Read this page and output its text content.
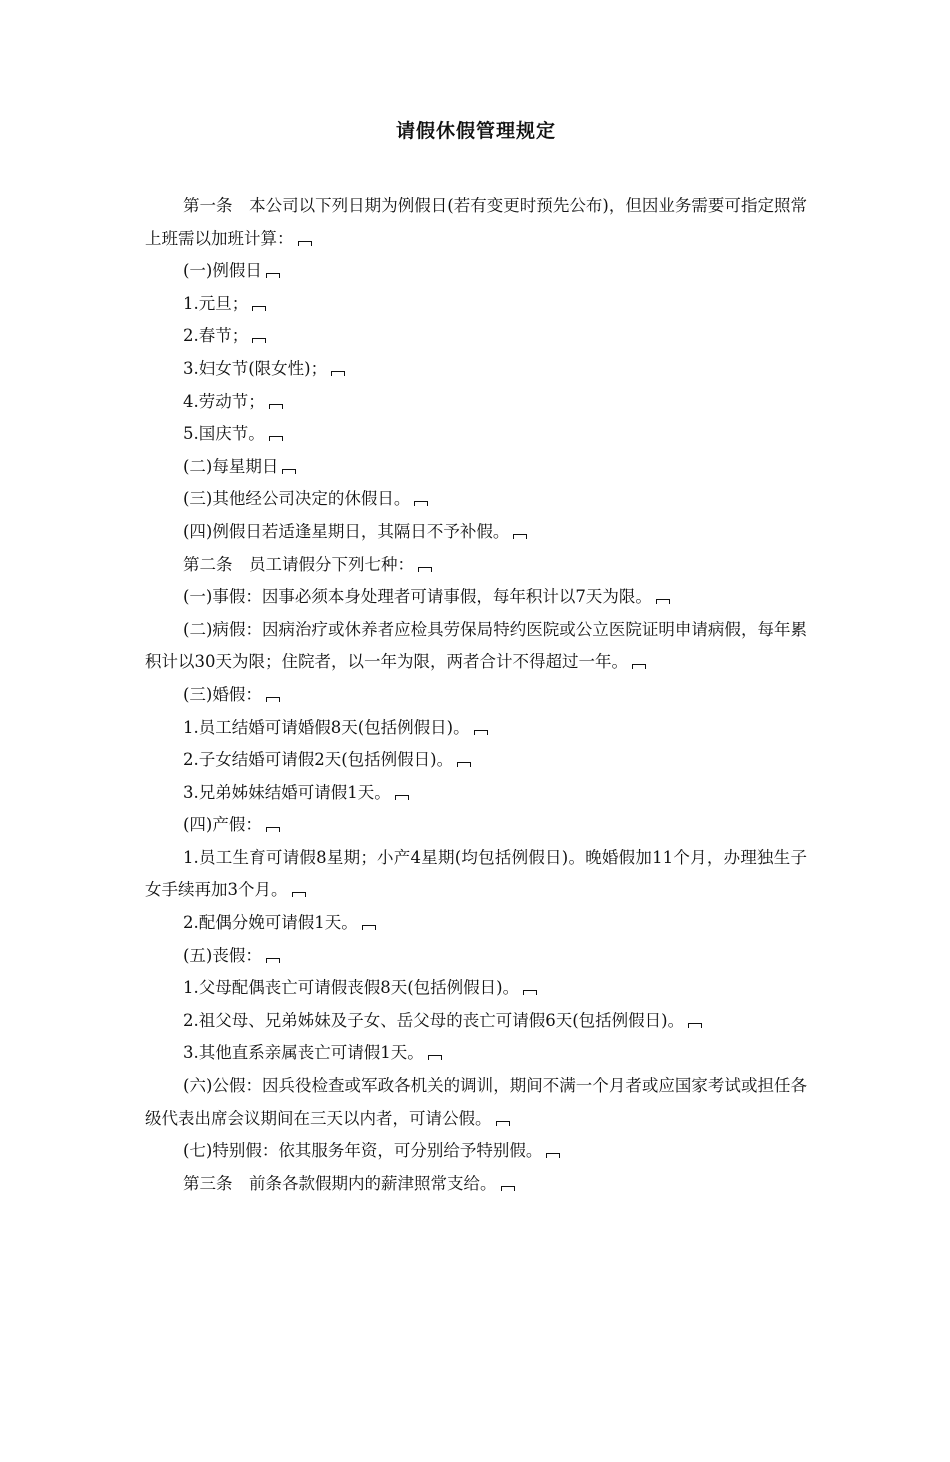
请假休假管理规定

第一条　本公司以下列日期为例假日(若有变更时预先公布)，但因业务需要可指定照常上班需以加班计算：

(一)例假日

1.元旦；

2.春节；

3.妇女节(限女性)；

4.劳动节；

5.国庆节。

(二)每星期日

(三)其他经公司决定的休假日。

(四)例假日若适逢星期日，其隔日不予补假。

第二条　员工请假分下列七种：

(一)事假：因事必须本身处理者可请事假，每年积计以7天为限。

(二)病假：因病治疗或休养者应检具劳保局特约医院或公立医院证明申请病假，每年累积计以30天为限；住院者，以一年为限，两者合计不得超过一年。

(三)婚假：

1.员工结婚可请婚假8天(包括例假日)。

2.子女结婚可请假2天(包括例假日)。

3.兄弟姊妹结婚可请假1天。

(四)产假：

1.员工生育可请假8星期；小产4星期(均包括例假日)。晚婚假加11个月，办理独生子女手续再加3个月。

2.配偶分娩可请假1天。

(五)丧假：

1.父母配偶丧亡可请假丧假8天(包括例假日)。

2.祖父母、兄弟姊妹及子女、岳父母的丧亡可请假6天(包括例假日)。

3.其他直系亲属丧亡可请假1天。

(六)公假：因兵役检查或军政各机关的调训，期间不满一个月者或应国家考试或担任各级代表出席会议期间在三天以内者，可请公假。

(七)特别假：依其服务年资，可分别给予特别假。

第三条　前条各款假期内的薪津照常支给。
